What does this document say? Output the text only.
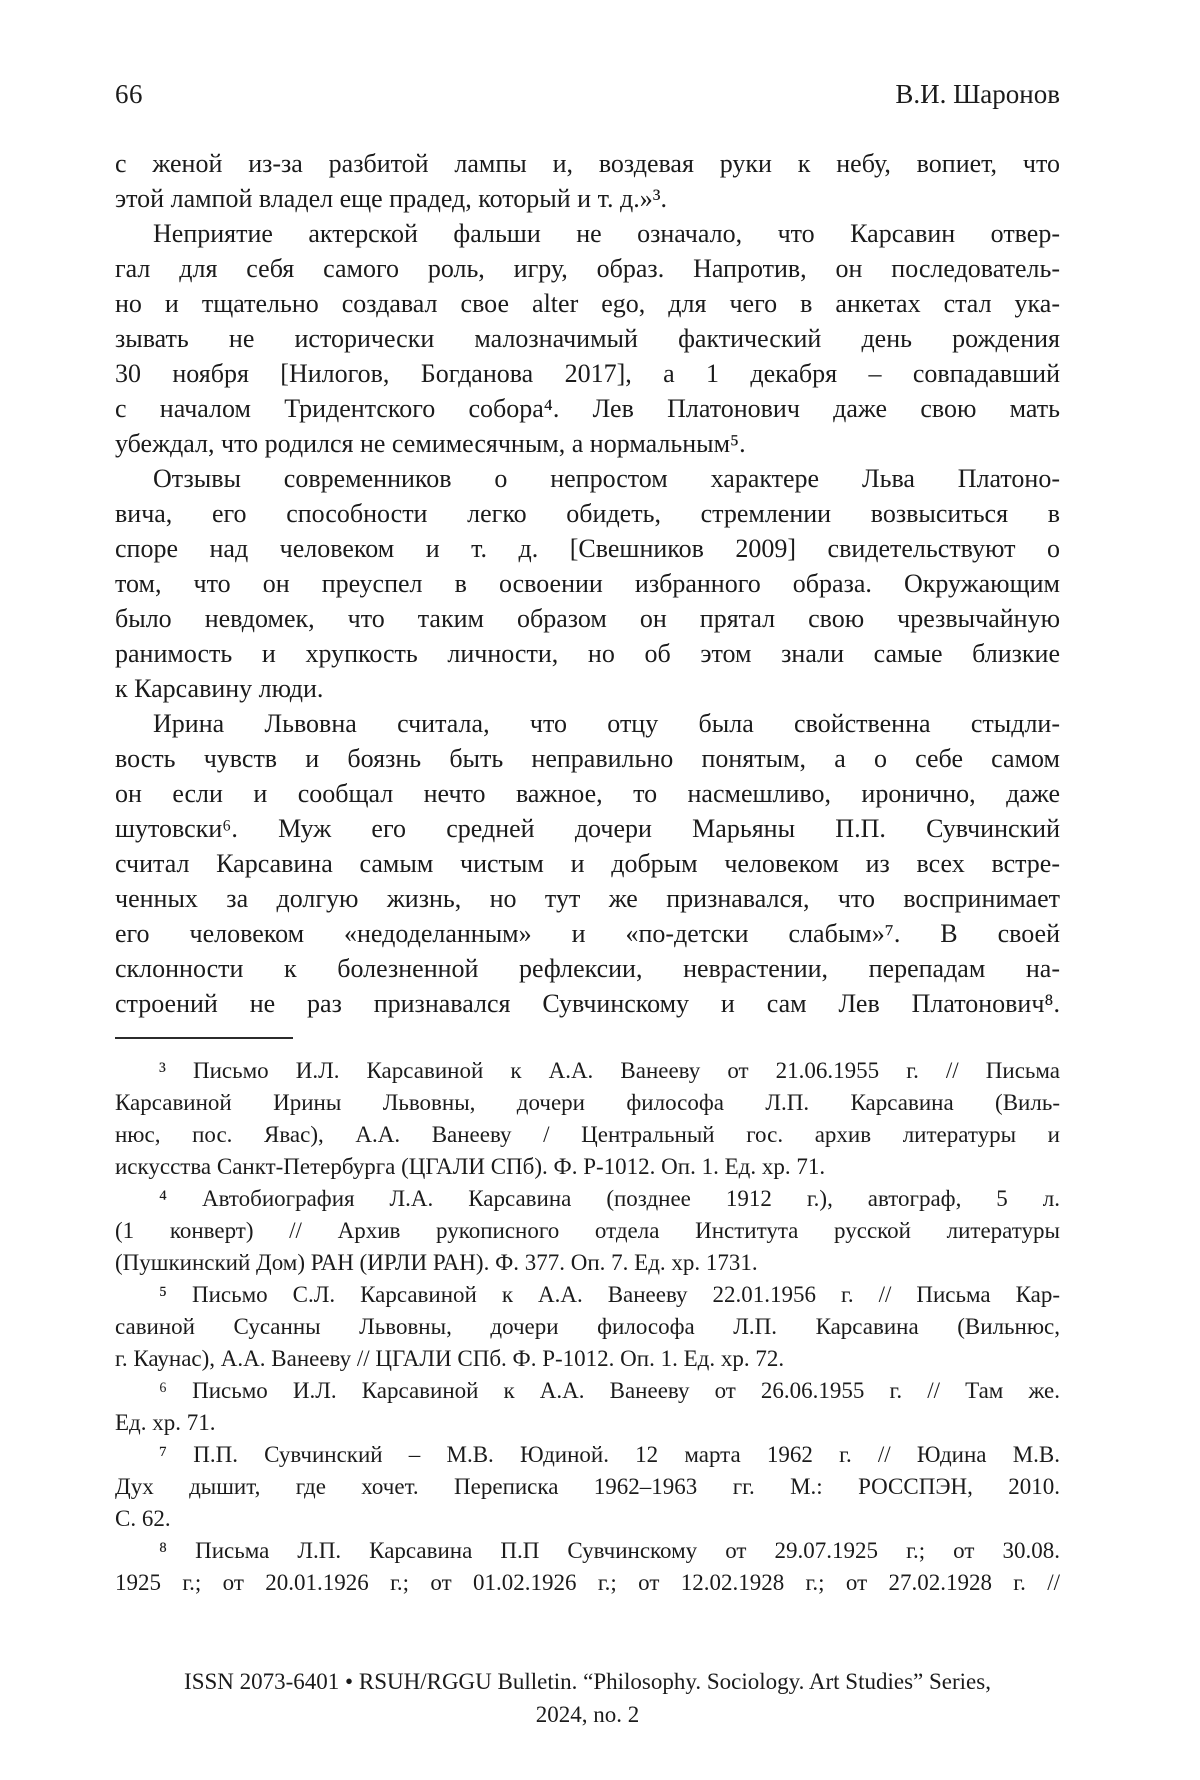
66	В.И. Шаронов
с женой из-за разбитой лампы и, воздевая руки к небу, вопиет, что
этой лампой владел еще прадед, который и т. д.»³.
Неприятие актерской фальши не означало, что Карсавин отвер-
гал для себя самого роль, игру, образ. Напротив, он последователь-
но и тщательно создавал свое alter ego, для чего в анкетах стал ука-
зывать не исторически малозначимый фактический день рождения
30 ноября [Нилогов, Богданова 2017], а 1 декабря – совпадавший
с началом Тридентского собора⁴. Лев Платонович даже свою мать
убеждал, что родился не семимесячным, а нормальным⁵.
Отзывы современников о непростом характере Льва Платоно-
вича, его способности легко обидеть, стремлении возвыситься в
споре над человеком и т. д. [Свешников 2009] свидетельствуют о
том, что он преуспел в освоении избранного образа. Окружающим
было невдомек, что таким образом он прятал свою чрезвычайную
ранимость и хрупкость личности, но об этом знали самые близкие
к Карсавину люди.
Ирина Львовна считала, что отцу была свойственна стыдли-
вость чувств и боязнь быть неправильно понятым, а о себе самом
он если и сообщал нечто важное, то насмешливо, иронично, даже
шутовски⁶. Муж его средней дочери Марьяны П.П. Сувчинский
считал Карсавина самым чистым и добрым человеком из всех встре-
ченных за долгую жизнь, но тут же признавался, что воспринимает
его человеком «недоделанным» и «по-детски слабым»⁷. В своей
склонности к болезненной рефлексии, неврастении, перепадам на-
строений не раз признавался Сувчинскому и сам Лев Платонович⁸.
³ Письмо И.Л. Карсавиной к А.А. Ванееву от 21.06.1955 г. // Письма
Карсавиной Ирины Львовны, дочери философа Л.П. Карсавина (Виль-
нюс, пос. Явас), А.А. Ванееву / Центральный гос. архив литературы и
искусства Санкт-Петербурга (ЦГАЛИ СПб). Ф. Р-1012. Оп. 1. Ед. хр. 71.
⁴ Автобиография Л.А. Карсавина (позднее 1912 г.), автограф, 5 л.
(1 конверт) // Архив рукописного отдела Института русской литературы
(Пушкинский Дом) РАН (ИРЛИ РАН). Ф. 377. Оп. 7. Ед. хр. 1731.
⁵ Письмо С.Л. Карсавиной к А.А. Ванееву 22.01.1956 г. // Письма Кар-
савиной Сусанны Львовны, дочери философа Л.П. Карсавина (Вильнюс,
г. Каунас), А.А. Ванееву // ЦГАЛИ СПб. Ф. Р-1012. Оп. 1. Ед. хр. 72.
⁶ Письмо И.Л. Карсавиной к А.А. Ванееву от 26.06.1955 г. // Там же.
Ед. хр. 71.
⁷ П.П. Сувчинский – М.В. Юдиной. 12 марта 1962 г. // Юдина М.В.
Дух дышит, где хочет. Переписка 1962–1963 гг. М.: РОССПЭН, 2010.
С. 62.
⁸ Письма Л.П. Карсавина П.П Сувчинскому от 29.07.1925 г.; от 30.08.
1925 г.; от 20.01.1926 г.; от 01.02.1926 г.; от 12.02.1928 г.; от 27.02.1928 г. //
ISSN 2073-6401 • RSUH/RGGU Bulletin. “Philosophy. Sociology. Art Studies” Series,
2024, no. 2
